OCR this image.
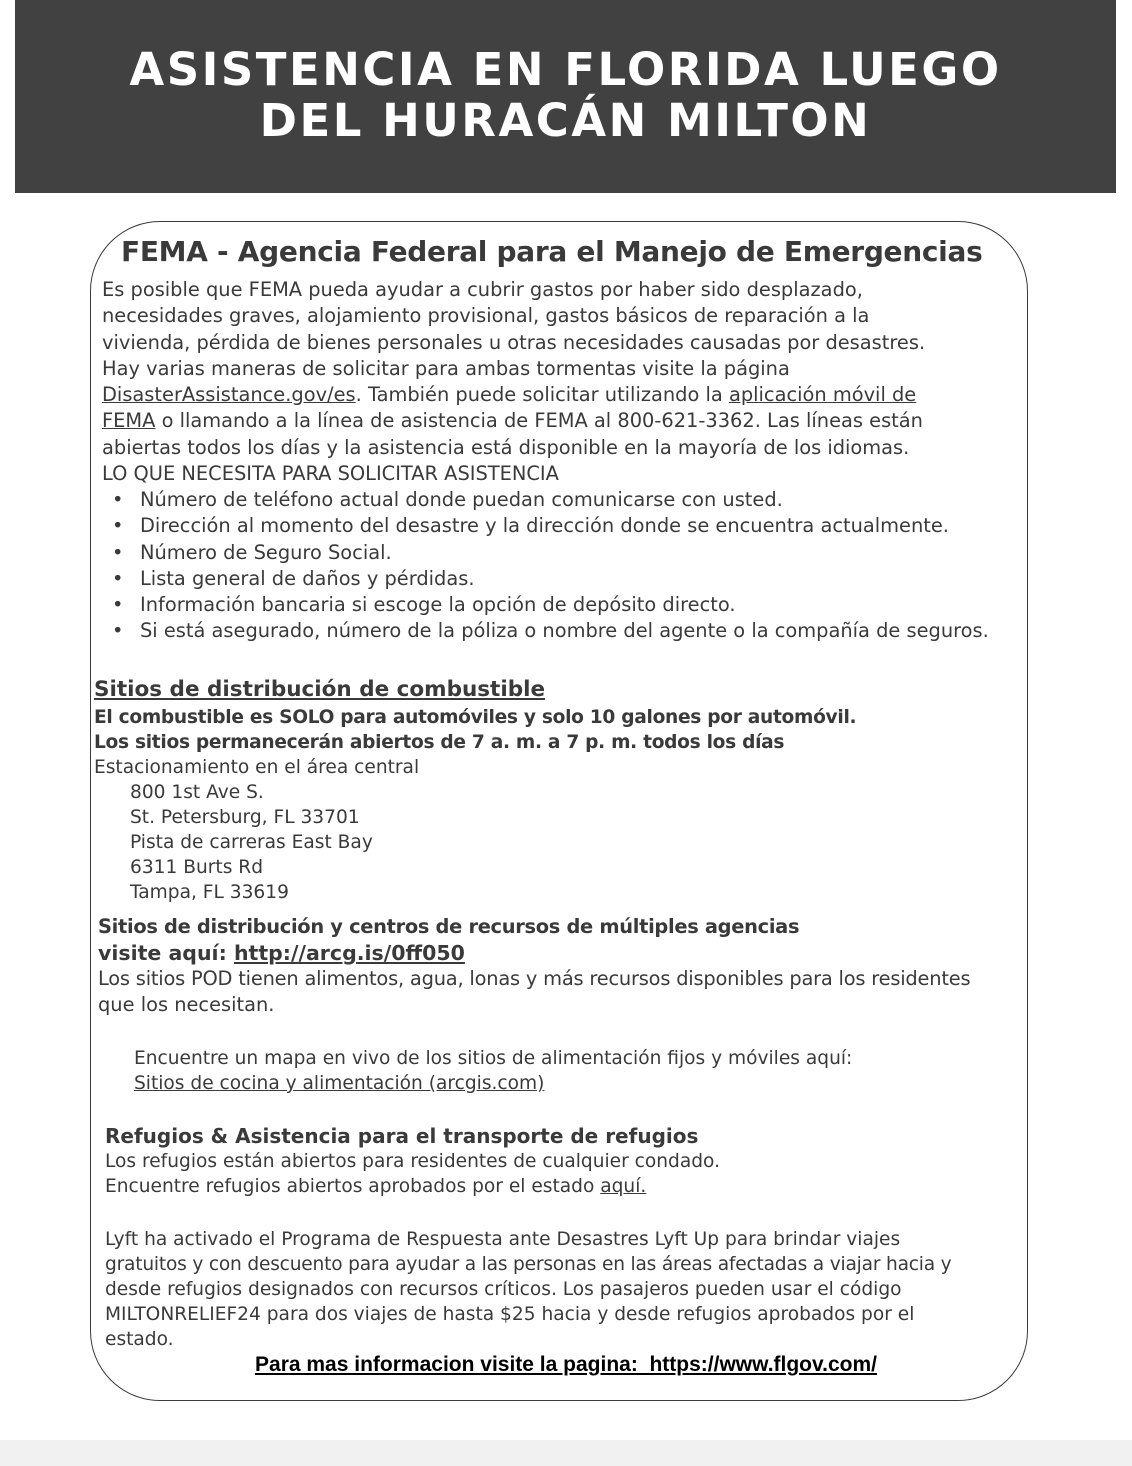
ASISTENCIA EN FLORIDA LUEGO
DEL HURACÁN MILTON
FEMA - Agencia Federal para el Manejo de Emergencias
Es posible que FEMA pueda ayudar a cubrir gastos por haber sido desplazado,
necesidades graves, alojamiento provisional, gastos básicos de reparación a la
vivienda, pérdida de bienes personales u otras necesidades causadas por desastres.
Hay varias maneras de solicitar para ambas tormentas visite la página
DisasterAssistance.gov/es. También puede solicitar utilizando la aplicación móvil de
FEMA o llamando a la línea de asistencia de FEMA al 800-621-3362. Las líneas están
abiertas todos los días y la asistencia está disponible en la mayoría de los idiomas.
LO QUE NECESITA PARA SOLICITAR ASISTENCIA
• Número de teléfono actual donde puedan comunicarse con usted.
• Dirección al momento del desastre y la dirección donde se encuentra actualmente.
• Número de Seguro Social.
• Lista general de daños y pérdidas.
• Información bancaria si escoge la opción de depósito directo.
• Si está asegurado, número de la póliza o nombre del agente o la compañía de seguros.
Sitios de distribución de combustible
El combustible es SOLO para automóviles y solo 10 galones por automóvil.
Los sitios permanecerán abiertos de 7 a. m. a 7 p. m. todos los días
Estacionamiento en el área central
800 1st Ave S.
St. Petersburg, FL 33701
Pista de carreras East Bay
6311 Burts Rd
Tampa, FL 33619
Sitios de distribución y centros de recursos de múltiples agencias
visite aquí: http://arcg.is/0ff050
Los sitios POD tienen alimentos, agua, lonas y más recursos disponibles para los residentes
que los necesitan.
Encuentre un mapa en vivo de los sitios de alimentación fijos y móviles aquí:
Sitios de cocina y alimentación (arcgis.com)
Refugios & Asistencia para el transporte de refugios
Los refugios están abiertos para residentes de cualquier condado.
Encuentre refugios abiertos aprobados por el estado aquí.
Lyft ha activado el Programa de Respuesta ante Desastres Lyft Up para brindar viajes
gratuitos y con descuento para ayudar a las personas en las áreas afectadas a viajar hacia y
desde refugios designados con recursos críticos. Los pasajeros pueden usar el código
MILTONRELIEF24 para dos viajes de hasta $25 hacia y desde refugios aprobados por el
estado.
Para mas informacion visite la pagina:  https://www.flgov.com/
